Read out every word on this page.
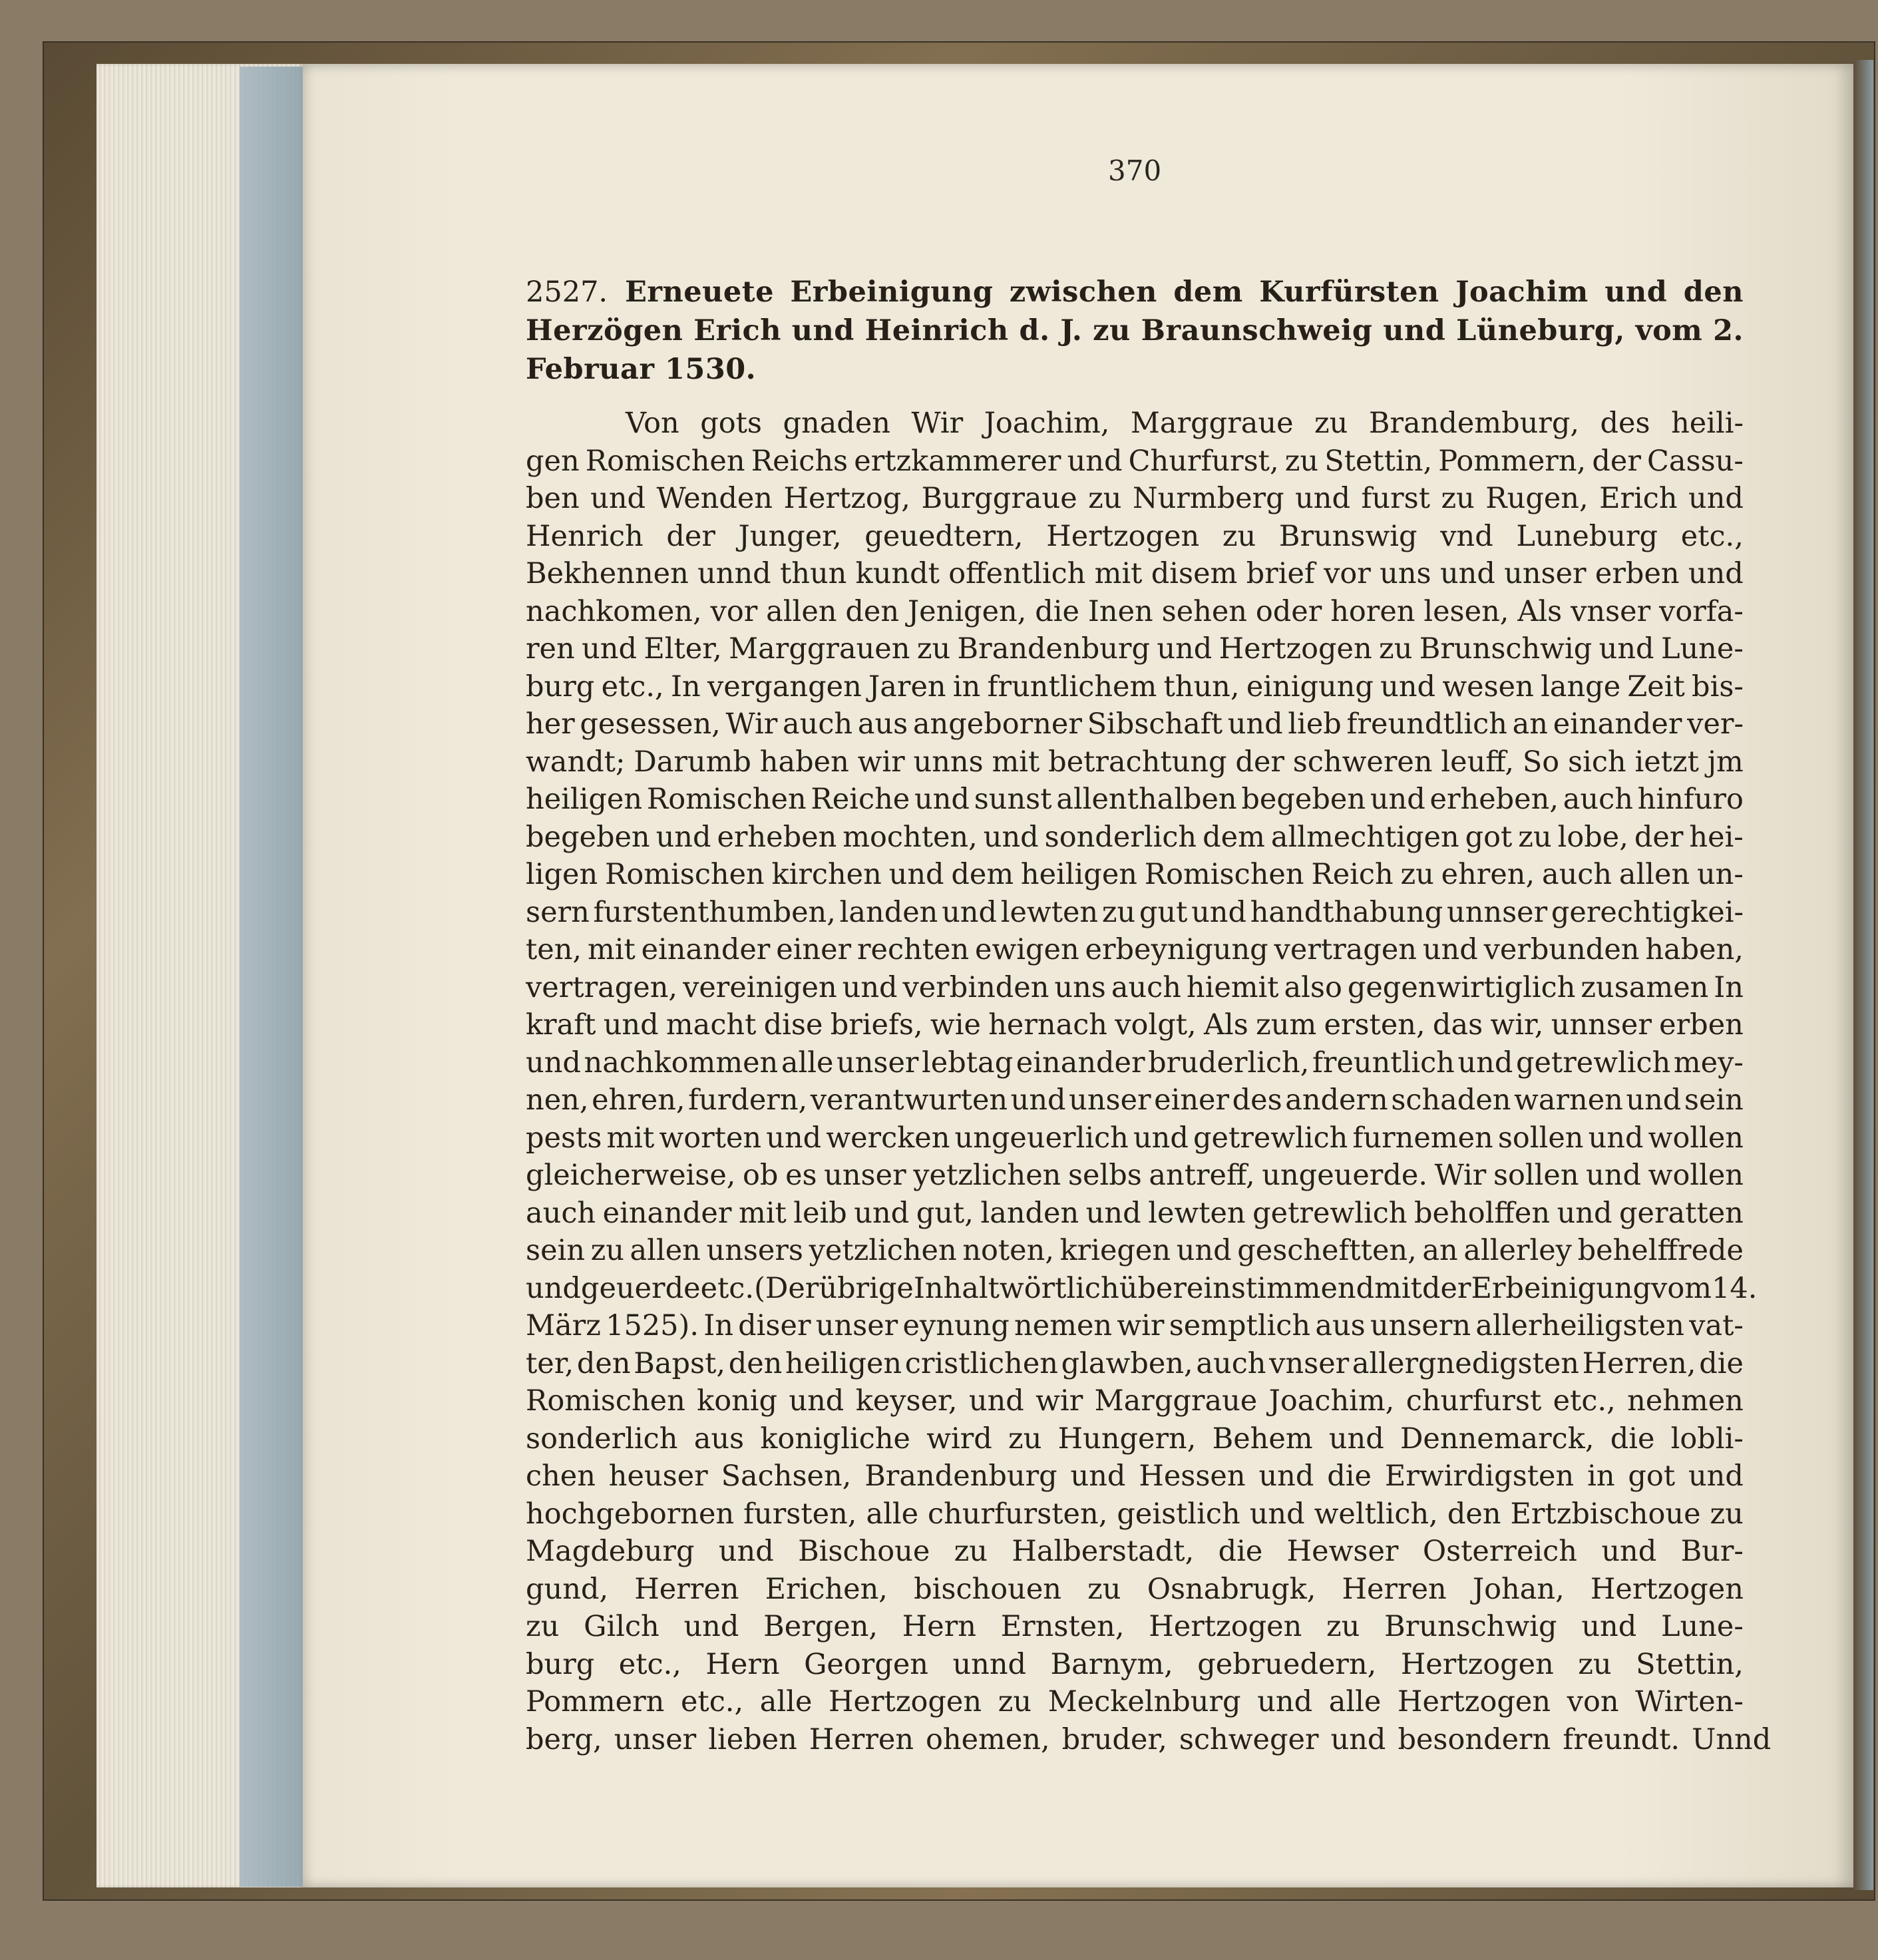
370
2527. Erneuete Erbeinigung zwischen dem Kurfürsten Joachim und den Herzögen Erich und Heinrich d. J. zu Braunschweig und Lüneburg, vom 2. Februar 1530.
Von gots gnaden Wir Joachim, Marggraue zu Brandemburg, des heili-
gen Romischen Reichs ertzkammerer und Churfurst, zu Stettin, Pommern, der Cassu-
ben und Wenden Hertzog, Burggraue zu Nurmberg und furst zu Rugen, Erich und
Henrich der Junger, geuedtern, Hertzogen zu Brunswig vnd Luneburg etc.,
Bekhennen unnd thun kundt offentlich mit disem brief vor uns und unser erben und
nachkomen, vor allen den Jenigen, die Inen sehen oder horen lesen, Als vnser vorfa-
ren und Elter, Marggrauen zu Brandenburg und Hertzogen zu Brunschwig und Lune-
burg etc., In vergangen Jaren in fruntlichem thun, einigung und wesen lange Zeit bis-
her gesessen, Wir auch aus angeborner Sibschaft und lieb freundtlich an einander ver-
wandt; Darumb haben wir unns mit betrachtung der schweren leuff, So sich ietzt jm
heiligen Romischen Reiche und sunst allenthalben begeben und erheben, auch hinfuro
begeben und erheben mochten, und sonderlich dem allmechtigen got zu lobe, der hei-
ligen Romischen kirchen und dem heiligen Romischen Reich zu ehren, auch allen un-
sern furstenthumben, landen und lewten zu gut und handthabung unnser gerechtigkei-
ten, mit einander einer rechten ewigen erbeynigung vertragen und verbunden haben,
vertragen, vereinigen und verbinden uns auch hiemit also gegenwirtiglich zusamen In
kraft und macht dise briefs, wie hernach volgt, Als zum ersten, das wir, unnser erben
und nachkommen alle unser lebtag einander bruderlich, freuntlich und getrewlich mey-
nen, ehren, furdern, verantwurten und unser einer des andern schaden warnen und sein
pests mit worten und wercken ungeuerlich und getrewlich furnemen sollen und wollen
gleicherweise, ob es unser yetzlichen selbs antreff, ungeuerde. Wir sollen und wollen
auch einander mit leib und gut, landen und lewten getrewlich beholffen und geratten
sein zu allen unsers yetzlichen noten, kriegen und gescheftten, an allerley behelffrede
und geuerde etc. (Der übrige Inhalt wörtlich übereinstimmend mit der Erbeinigung vom 14.
März 1525). In diser unser eynung nemen wir semptlich aus unsern allerheiligsten vat-
ter, den Bapst, den heiligen cristlichen glawben, auch vnser allergnedigsten Herren, die
Romischen konig und keyser, und wir Marggraue Joachim, churfurst etc., nehmen
sonderlich aus konigliche wird zu Hungern, Behem und Dennemarck, die lobli-
chen heuser Sachsen, Brandenburg und Hessen und die Erwirdigsten in got und
hochgebornen fursten, alle churfursten, geistlich und weltlich, den Ertzbischoue zu
Magdeburg und Bischoue zu Halberstadt, die Hewser Osterreich und Bur-
gund, Herren Erichen, bischouen zu Osnabrugk, Herren Johan, Hertzogen
zu Gilch und Bergen, Hern Ernsten, Hertzogen zu Brunschwig und Lune-
burg etc., Hern Georgen unnd Barnym, gebruedern, Hertzogen zu Stettin,
Pommern etc., alle Hertzogen zu Meckelnburg und alle Hertzogen von Wirten-
berg, unser lieben Herren ohemen, bruder, schweger und besondern freundt. Unnd
